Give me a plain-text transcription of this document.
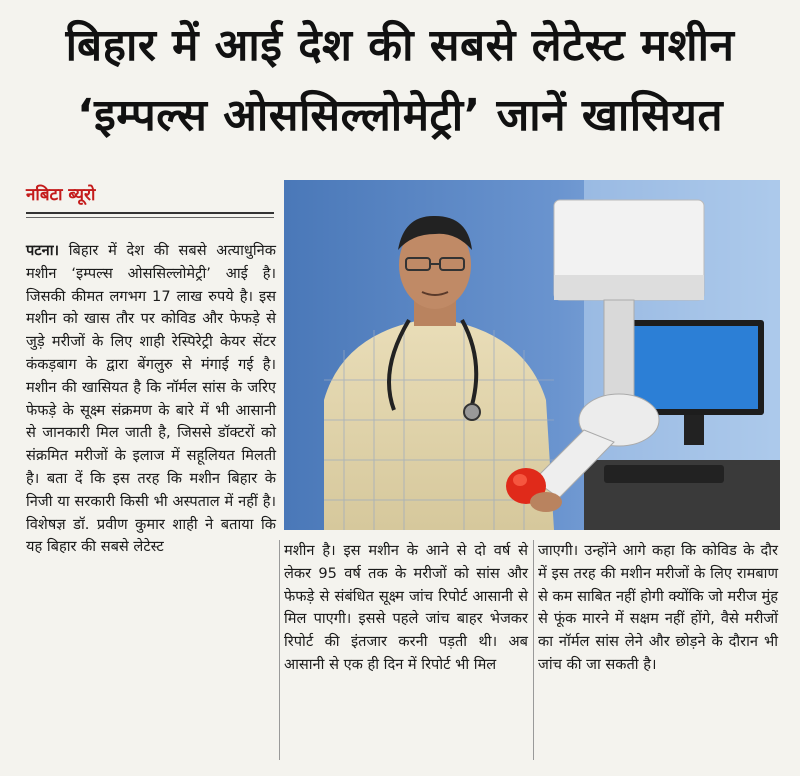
बिहार में आई देश की सबसे लेटेस्ट मशीन
‘इम्पल्स ओससिल्लोमेट्री’ जानें खासियत
नबिटा ब्यूरो

पटना। बिहार में देश की सबसे अत्याधुनिक मशीन ‘इम्पल्स ओससिल्लोमेट्री’ आई है। जिसकी कीमत लगभग 17 लाख रुपये है। इस मशीन को खास तौर पर कोविड और फेफड़े से जुड़े मरीजों के लिए शाही रेस्पिरेट्री केयर सेंटर कंकड़बाग के द्वारा बेंगलुरु से मंगाई गई है। मशीन की खासियत है कि नॉर्मल सांस के जरिए फेफड़े के सूक्ष्म संक्रमण के बारे में भी आसानी से जानकारी मिल जाती है, जिससे डॉक्टरों को संक्रमित मरीजों के इलाज में सहूलियत मिलती है। बता दें कि इस तरह कि मशीन बिहार के निजी या सरकारी किसी भी अस्पताल में नहीं है। विशेषज्ञ डॉ. प्रवीण कुमार शाही ने बताया कि यह बिहार की सबसे लेटेस्ट	मशीन है। इस मशीन के आने से दो वर्ष से लेकर 95 वर्ष तक के मरीजों को सांस और फेफड़े से संबंधित सूक्ष्म जांच रिपोर्ट आसानी से मिल पाएगी। इससे पहले जांच बाहर भेजकर रिपोर्ट की इंतजार करनी पड़ती थी। अब आसानी से एक ही दिन में रिपोर्ट भी मिल

जाएगी। उन्होंने आगे कहा कि कोविड के दौर में इस तरह की मशीन मरीजों के लिए रामबाण से कम साबित नहीं होगी क्योंकि जो मरीज मुंह से फूंक मारने में सक्षम नहीं होंगे, वैसे मरीजों का नॉर्मल सांस लेने और छोड़ने के दौरान भी जांच की जा सकती है।
